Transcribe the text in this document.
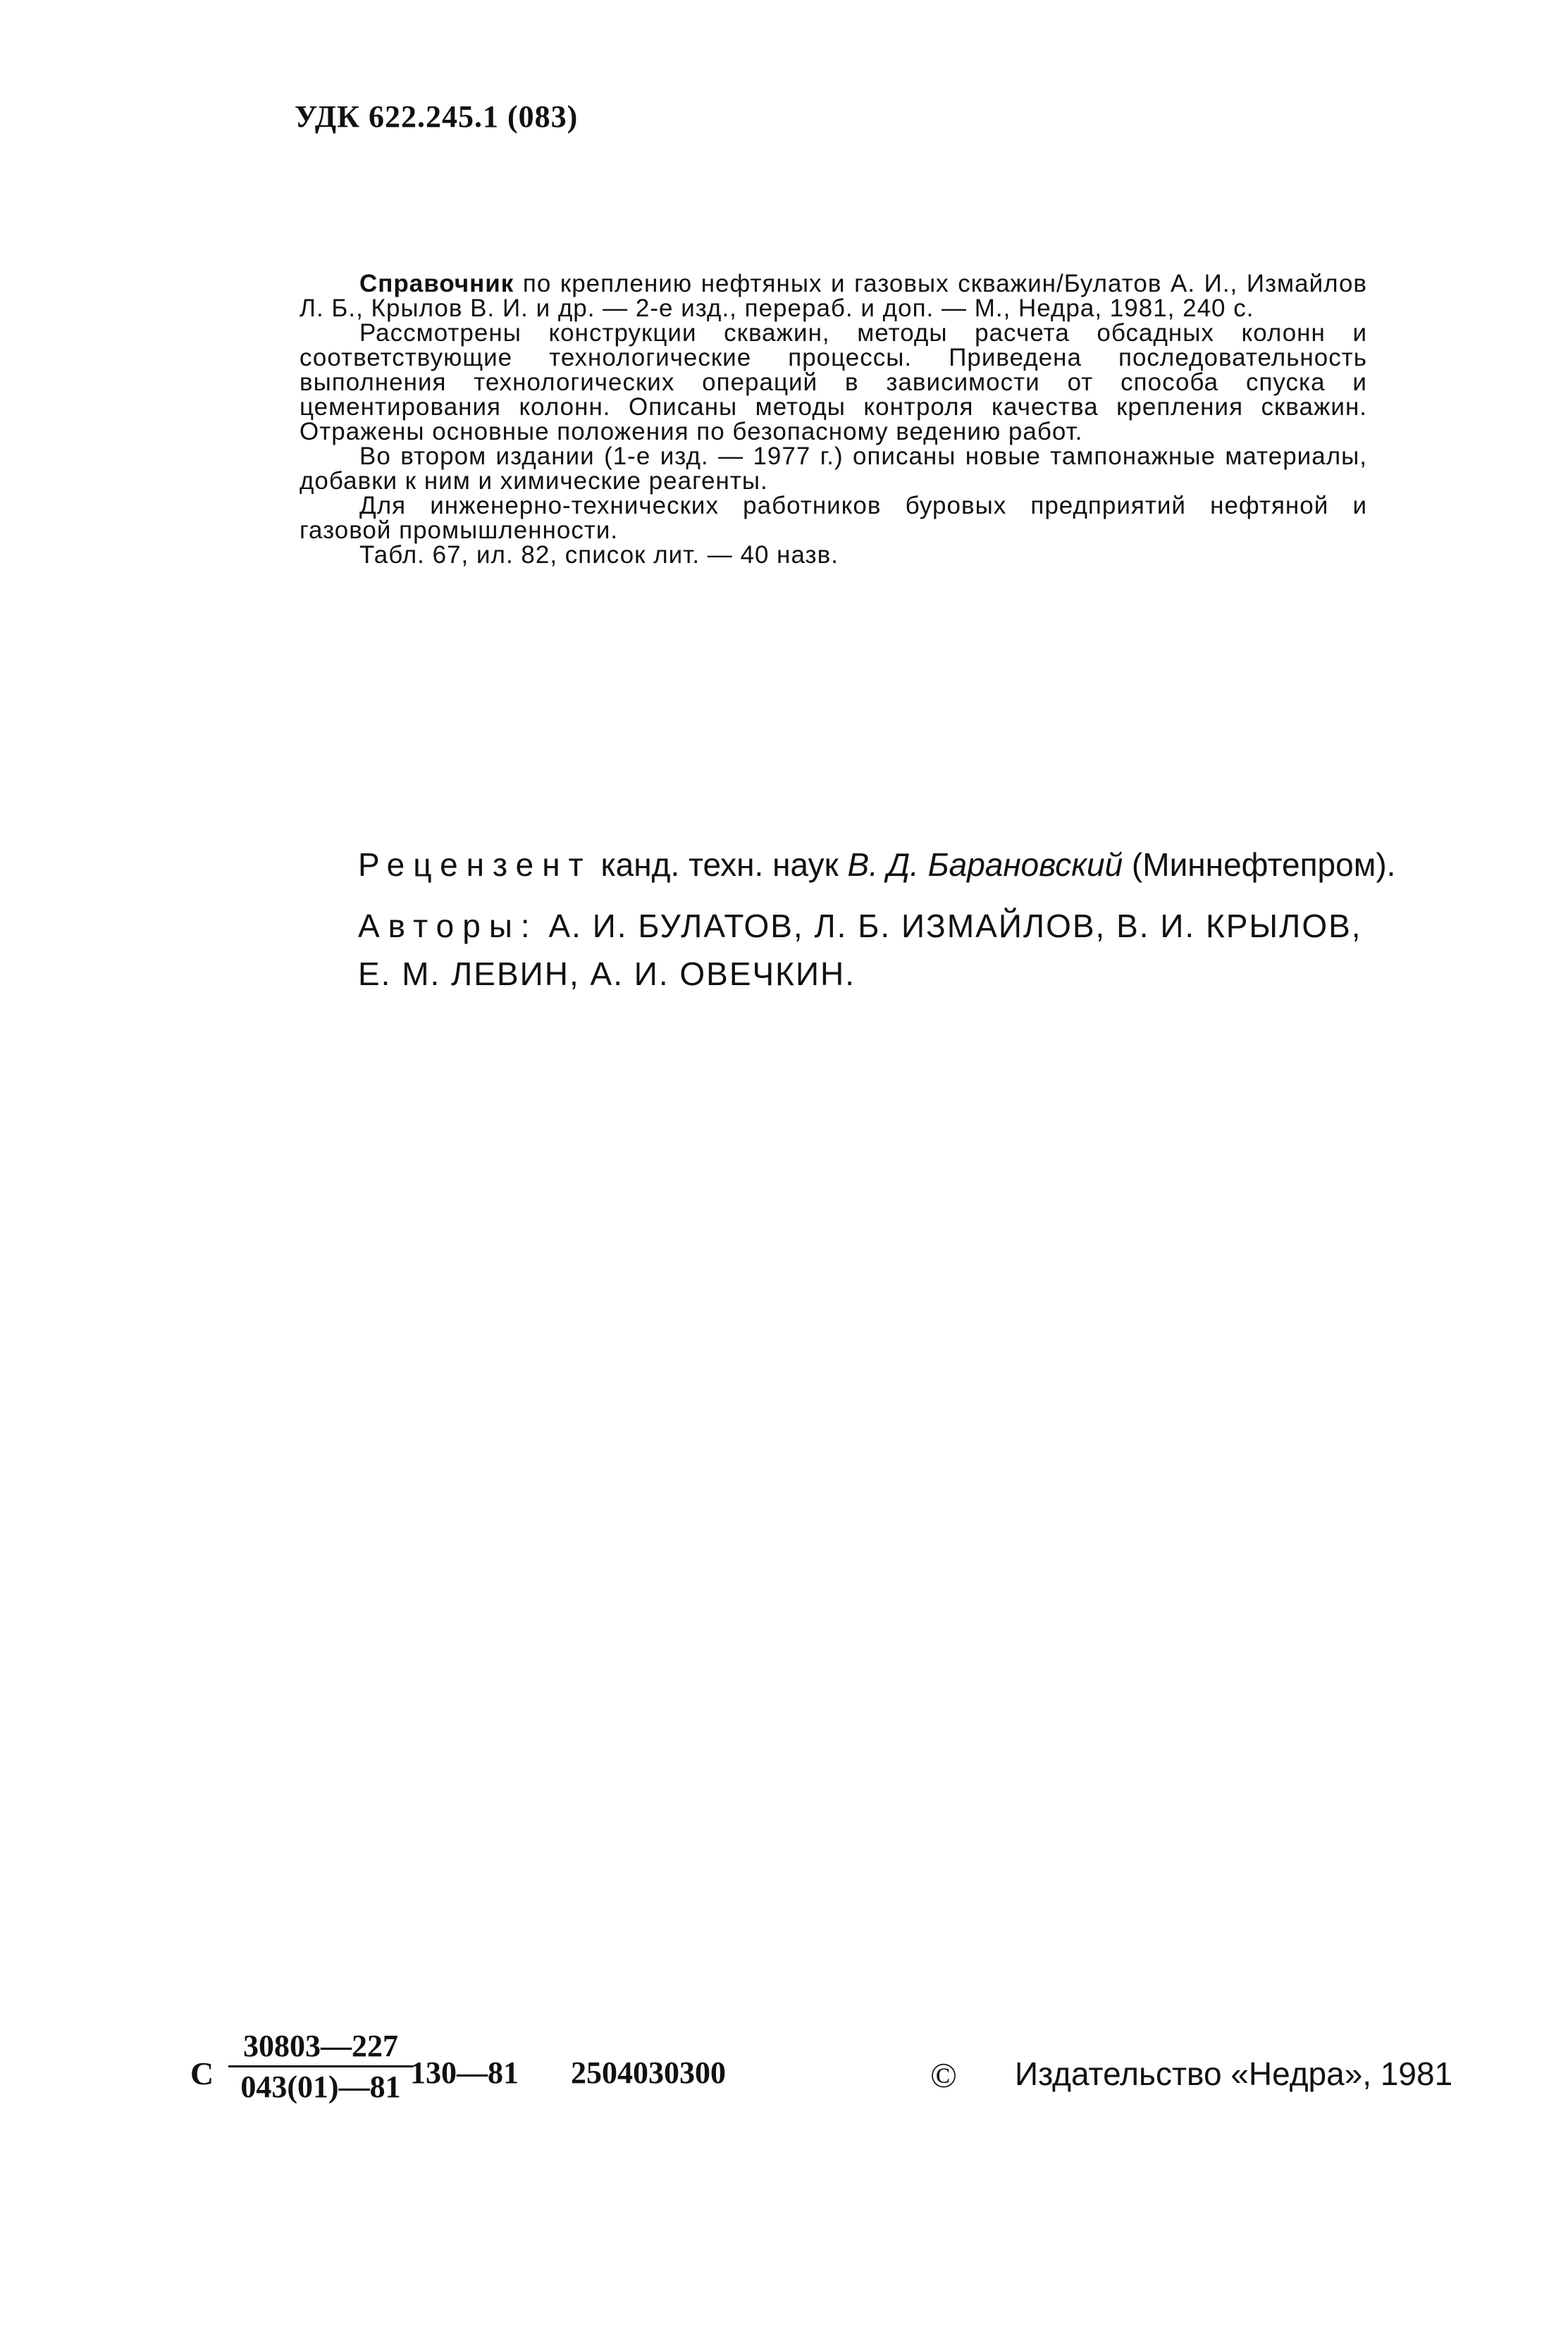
УДК 622.245.1 (083)

Справочник по креплению нефтяных и газовых скважин/Булатов А. И., Измайлов Л. Б., Крылов В. И. и др. — 2-е изд., перераб. и доп. — М., Недра, 1981, 240 с.

Рассмотрены конструкции скважин, методы расчета обсадных колонн и соответствующие технологические процессы. Приведена последовательность выполнения технологических операций в зависимости от способа спуска и цементирования колонн. Описаны методы контроля качества крепления скважин. Отражены основные положения по безопасному ведению работ.

Во втором издании (1-е изд. — 1977 г.) описаны новые тампонажные материалы, добавки к ним и химические реагенты.

Для инженерно-технических работников буровых предприятий нефтяной и газовой промышленности.

Табл. 67, ил. 82, список лит. — 40 назв.

Рецензент канд. техн. наук В. Д. Барановский (Миннефтепром).
Авторы: А. И. БУЛАТОВ, Л. Б. ИЗМАЙЛОВ, В. И. КРЫЛОВ,
Е. М. ЛЕВИН, А. И. ОВЕЧКИН.
С
30803—227
043(01)—81 130—81 2504030300	© Издательство «Недра», 1981
